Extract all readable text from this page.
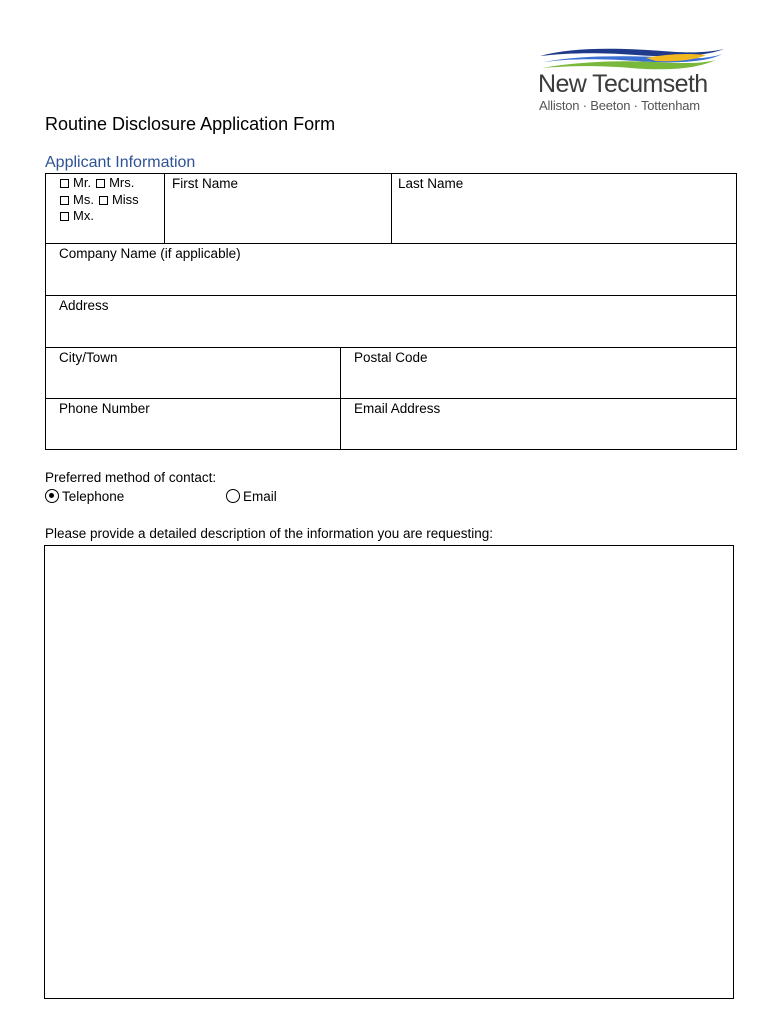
New Tecumseth
Alliston · Beeton · Tottenham
Routine Disclosure Application Form
Applicant Information
Mr. Mrs.
Ms. Miss
Mx.
First Name	Last Name
Company Name (if applicable)
Address
City/Town	Postal Code
Phone Number	Email Address
Preferred method of contact:
Telephone	Email
Please provide a detailed description of the information you are requesting:
